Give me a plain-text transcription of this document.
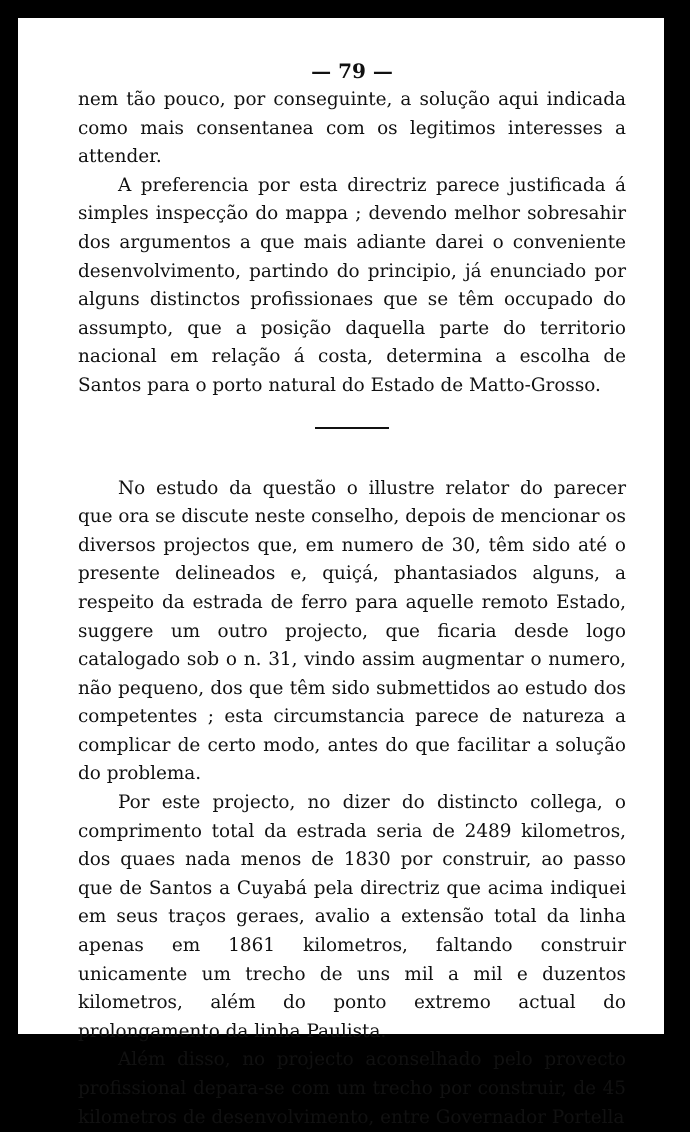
— 79 —

nem tão pouco, por conseguinte, a solução aqui indicada como mais consentanea com os legitimos interesses a attender.

A preferencia por esta directriz parece justificada á simples inspecção do mappa ; devendo melhor sobresahir dos argumentos a que mais adiante darei o conveniente desenvolvimento, partindo do principio, já enunciado por alguns distinctos profissionaes que se têm occupado do assumpto, que a posição daquella parte do territorio nacional em relação á costa, determina a escolha de Santos para o porto natural do Estado de Matto-Grosso.

No estudo da questão o illustre relator do parecer que ora se discute neste conselho, depois de mencionar os diversos projectos que, em numero de 30, têm sido até o presente delineados e, quiçá, phantasiados alguns, a respeito da estrada de ferro para aquelle remoto Estado, suggere um outro projecto, que ficaria desde logo catalogado sob o n. 31, vindo assim augmentar o numero, não pequeno, dos que têm sido submettidos ao estudo dos competentes ; esta circumstancia parece de natureza a complicar de certo modo, antes do que facilitar a solução do problema.

Por este projecto, no dizer do distincto collega, o comprimento total da estrada seria de 2489 kilometros, dos quaes nada menos de 1830 por construir, ao passo que de Santos a Cuyabá pela directriz que acima indiquei em seus traços geraes, avalio a extensão total da linha apenas em 1861 kilometros, faltando construir unicamente um trecho de uns mil a mil e duzentos kilometros, além do ponto extremo actual do prolongamento da linha Paulista.

Além disso, no projecto aconselhado pelo provecto profissional depara-se com um trecho por construir, de 45 kilometros de desenvolvimento, entre Governador Portella
